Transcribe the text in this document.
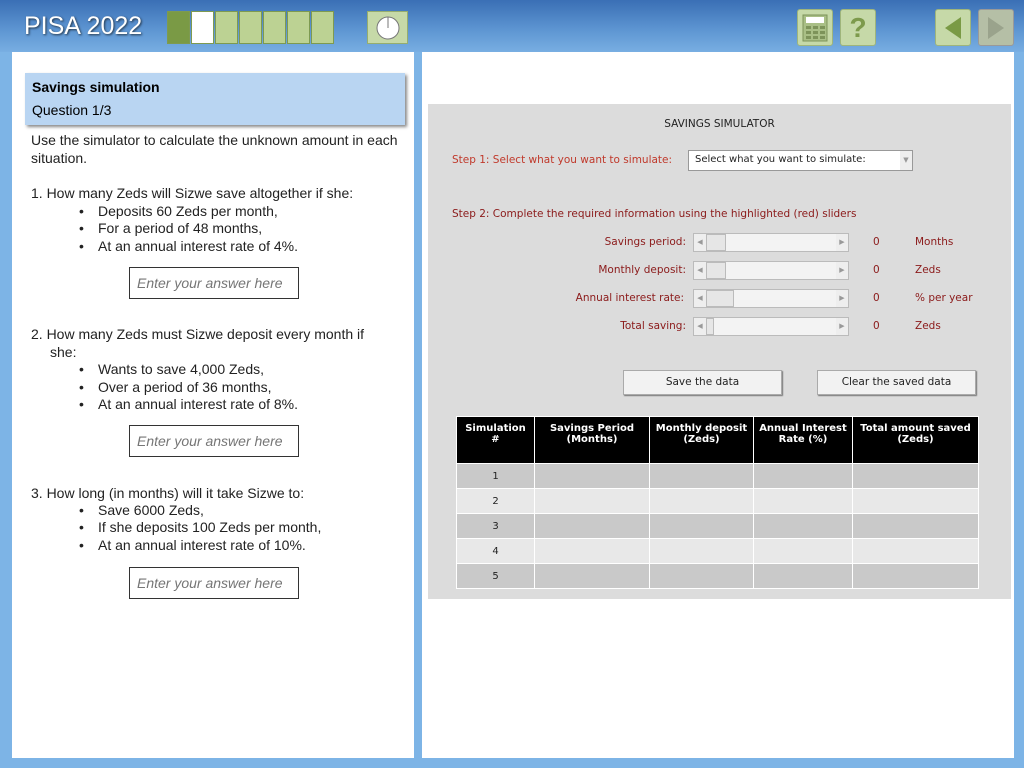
PISA 2022	?
Savings simulation
Question 1/3
Use the simulator to calculate the unknown amount in each situation.
1. How many Zeds will Sizwe save altogether if she:
• Deposits 60 Zeds per month,
• For a period of 48 months,
• At an annual interest rate of 4%.
Enter your answer here
2. How many Zeds must Sizwe deposit every month if she:
• Wants to save 4,000 Zeds,
• Over a period of 36 months,
• At an annual interest rate of 8%.
Enter your answer here
3. How long (in months) will it take Sizwe to:
• Save 6000 Zeds,
• If she deposits 100 Zeds per month,
• At an annual interest rate of 10%.
Enter your answer here
SAVINGS SIMULATOR
Step 1: Select what you want to simulate:	Select what you want to simulate:	▼
Step 2: Complete the required information using the highlighted (red) sliders
Savings period:	◀	▶	0	Months
Monthly deposit:	◀	▶	0	Zeds
Annual interest rate:	◀	▶	0	% per year
Total saving:	◀	▶	0	Zeds
Save the data	Clear the saved data
Simulation #	Savings Period (Months)	Monthly deposit (Zeds)	Annual Interest Rate (%)	Total amount saved (Zeds)
1				
2				
3				
4				
5				
